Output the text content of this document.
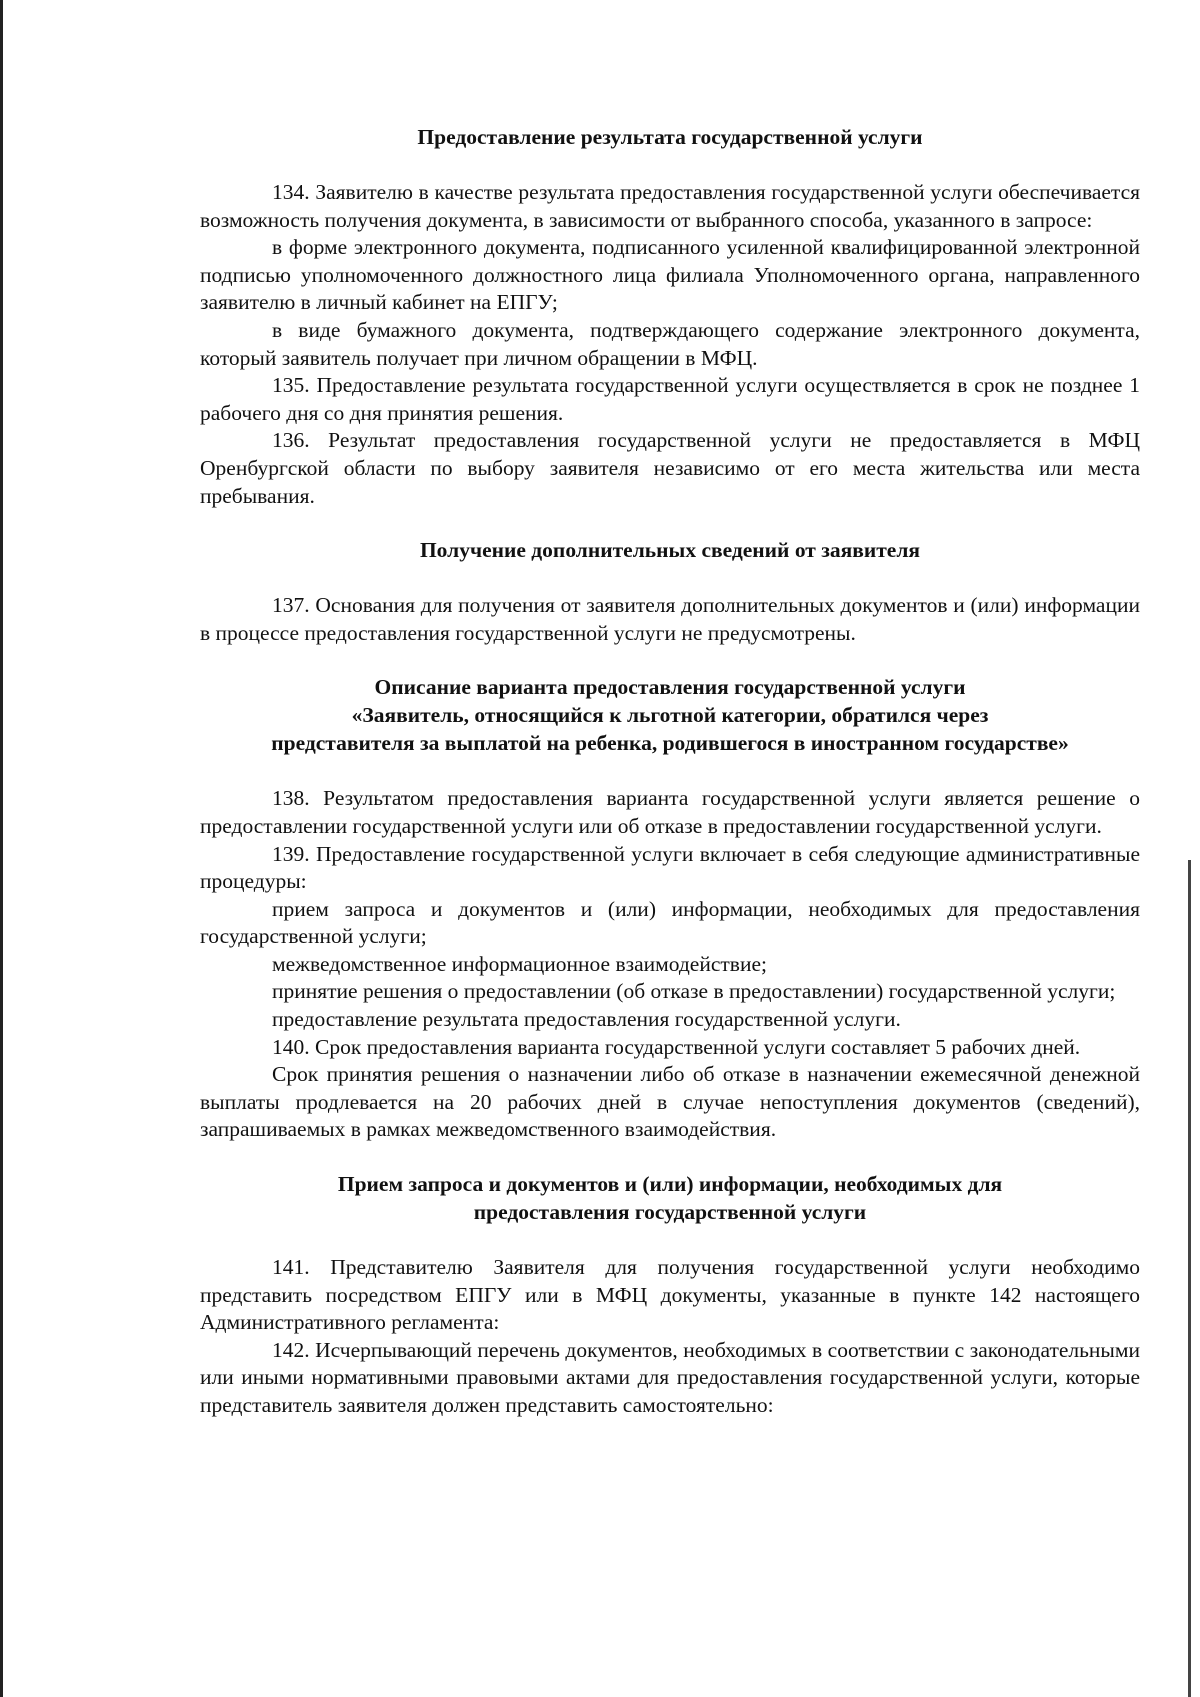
Предоставление результата государственной услуги

134. Заявителю в качестве результата предоставления государственной услуги обеспечивается возможность получения документа, в зависимости от выбранного способа, указанного в запросе:

в форме электронного документа, подписанного усиленной квалифицированной электронной подписью уполномоченного должностного лица филиала Уполномоченного органа, направленного заявителю в личный кабинет на ЕПГУ;

в виде бумажного документа, подтверждающего содержание электронного документа, который заявитель получает при личном обращении в МФЦ.

135. Предоставление результата государственной услуги осуществляется в срок не позднее 1 рабочего дня со дня принятия решения.

136. Результат предоставления государственной услуги не предоставляется в МФЦ Оренбургской области по выбору заявителя независимо от его места жительства или места пребывания.

Получение дополнительных сведений от заявителя

137. Основания для получения от заявителя дополнительных документов и (или) информации в процессе предоставления государственной услуги не предусмотрены.

Описание варианта предоставления государственной услуги

«Заявитель, относящийся к льготной категории, обратился через

представителя за выплатой на ребенка, родившегося в иностранном государстве»

138. Результатом предоставления варианта государственной услуги является решение о предоставлении государственной услуги или об отказе в предоставлении государственной услуги.

139. Предоставление государственной услуги включает в себя следующие административные процедуры:

прием запроса и документов и (или) информации, необходимых для предоставления государственной услуги;

межведомственное информационное взаимодействие;

принятие решения о предоставлении (об отказе в предоставлении) государственной услуги;

предоставление результата предоставления государственной услуги.

140. Срок предоставления варианта государственной услуги составляет 5 рабочих дней.

Срок принятия решения о назначении либо об отказе в назначении ежемесячной денежной выплаты продлевается на 20 рабочих дней в случае непоступления документов (сведений), запрашиваемых в рамках межведомственного взаимодействия.

Прием запроса и документов и (или) информации, необходимых для

предоставления государственной услуги

141. Представителю Заявителя для получения государственной услуги необходимо представить посредством ЕПГУ или в МФЦ документы, указанные в пункте 142 настоящего Административного регламента:

142. Исчерпывающий перечень документов, необходимых в соответствии с законодательными или иными нормативными правовыми актами для предоставления государственной услуги, которые представитель заявителя должен представить самостоятельно:
